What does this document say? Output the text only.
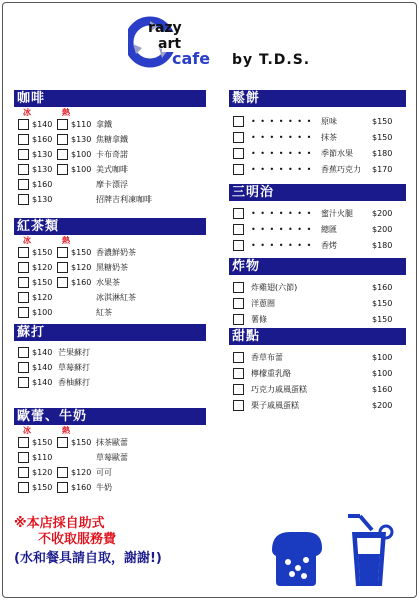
razy
art
cafe by T.D.S.
咖啡
冰	熱
$140 $110 拿鐵
$160 $130 焦糖拿鐵
$130 $100 卡布奇諾
$130 $100 美式咖啡
$160	摩卡漂浮
$130	招牌吉利凍咖啡
紅茶類
冰	熱
$150 $150 香濃鮮奶茶
$120 $120 黑糖奶茶
$150 $160 水果茶
$120	冰淇淋紅茶
$100	紅茶
蘇打
$140 芒果蘇打
$140 草莓蘇打
$140 香柚蘇打
歐蕾、牛奶
冰	熱
$150 $150 抹茶歐蕾
$110	草莓歐蕾
$120 $120 可可
$150 $160 牛奶
鬆餅
• • • • • • • 原味	$150
• • • • • • • 抹茶	$150
• • • • • • • 季節水果 $180
• • • • • • • 香蕉巧克力 $170
三明治
• • • • • • • 蜜汁火腿 $200
• • • • • • • 總匯	$200
• • • • • • • 香烤	$180
炸物
炸雞翅(六節)	$160
洋蔥圈	$150
薯條	$150
甜點
香草布蕾	$100
檸檬重乳酪	$100
巧克力戚風蛋糕	$160
栗子戚風蛋糕	$200
※本店採自助式
不收取服務費
(水和餐具請自取，謝謝!)
